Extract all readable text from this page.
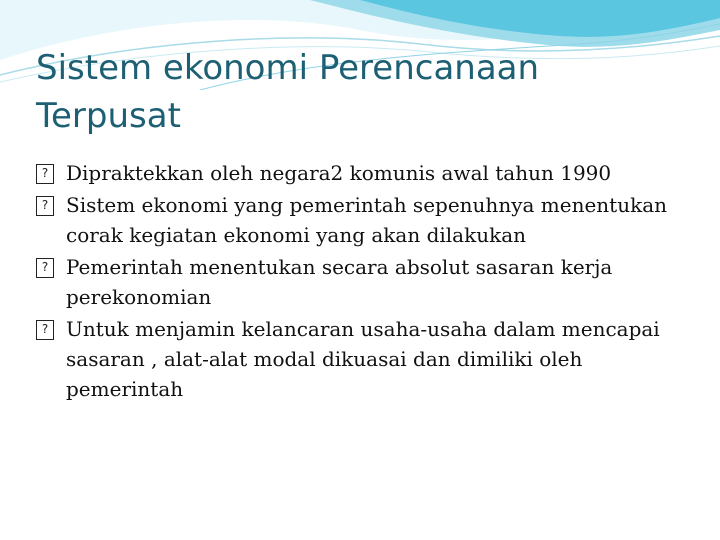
Sistem ekonomi Perencanaan Terpusat
? Dipraktekkan oleh negara2 komunis awal tahun 1990
? Sistem ekonomi yang pemerintah sepenuhnya menentukan corak kegiatan ekonomi yang akan dilakukan
? Pemerintah menentukan secara absolut sasaran kerja perekonomian
? Untuk menjamin kelancaran usaha-usaha dalam mencapai sasaran , alat-alat modal dikuasai dan dimiliki oleh pemerintah
